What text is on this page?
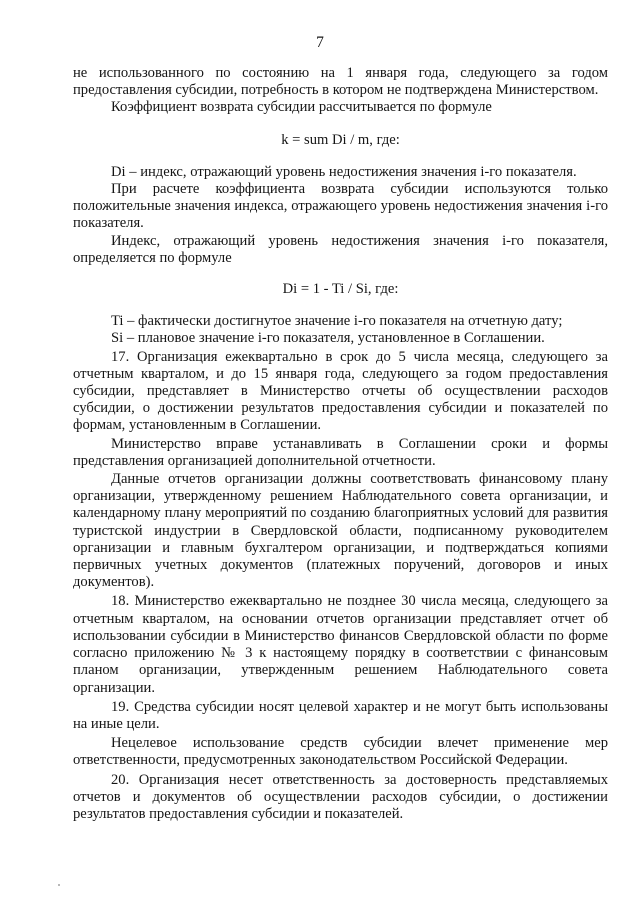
7

не использованного по состоянию на 1 января года, следующего за годом предоставления субсидии, потребность в котором не подтверждена Министерством.

Коэффициент возврата субсидии рассчитывается по формуле

k = sum Di / m, где:

Di – индекс, отражающий уровень недостижения значения i-го показателя.

При расчете коэффициента возврата субсидии используются только положительные значения индекса, отражающего уровень недостижения значения i-го показателя.

Индекс, отражающий уровень недостижения значения i-го показателя, определяется по формуле

Di = 1 - Ti / Si, где:

Ti – фактически достигнутое значение i-го показателя на отчетную дату;

Si – плановое значение i-го показателя, установленное в Соглашении.

17. Организация ежеквартально в срок до 5 числа месяца, следующего за отчетным кварталом, и до 15 января года, следующего за годом предоставления субсидии, представляет в Министерство отчеты об осуществлении расходов субсидии, о достижении результатов предоставления субсидии и показателей по формам, установленным в Соглашении.

Министерство вправе устанавливать в Соглашении сроки и формы представления организацией дополнительной отчетности.

Данные отчетов организации должны соответствовать финансовому плану организации, утвержденному решением Наблюдательного совета организации, и календарному плану мероприятий по созданию благоприятных условий для развития туристской индустрии в Свердловской области, подписанному руководителем организации и главным бухгалтером организации, и подтверждаться копиями первичных учетных документов (платежных поручений, договоров и иных документов).

18. Министерство ежеквартально не позднее 30 числа месяца, следующего за отчетным кварталом, на основании отчетов организации представляет отчет об использовании субсидии в Министерство финансов Свердловской области по форме согласно приложению № 3 к настоящему порядку в соответствии с финансовым планом организации, утвержденным решением Наблюдательного совета организации.

19. Средства субсидии носят целевой характер и не могут быть использованы на иные цели.

Нецелевое использование средств субсидии влечет применение мер ответственности, предусмотренных законодательством Российской Федерации.

20. Организация несет ответственность за достоверность представляемых отчетов и документов об осуществлении расходов субсидии, о достижении результатов предоставления субсидии и показателей.
